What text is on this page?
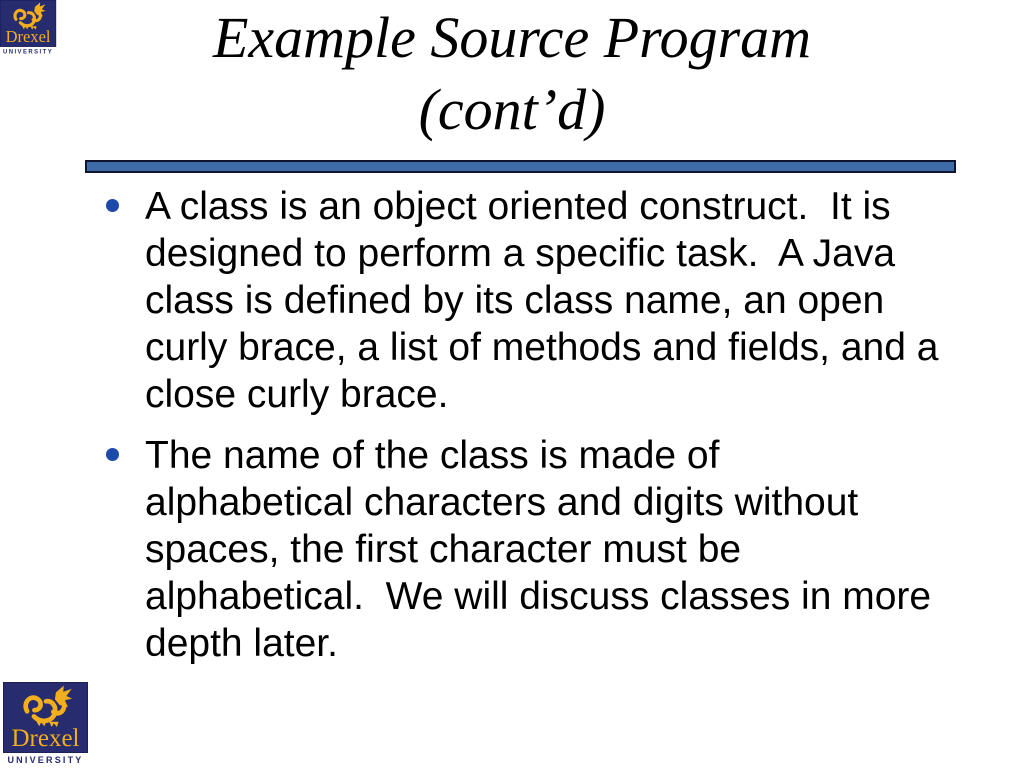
Drexel
UNIVERSITY	Example Source Program
(cont’d)
A class is an object oriented construct.  It is
designed to perform a specific task.  A Java
class is defined by its class name, an open
curly brace, a list of methods and fields, and a
close curly brace.
The name of the class is made of
alphabetical characters and digits without
spaces, the first character must be
alphabetical.  We will discuss classes in more
depth later.
Drexel
UNIVERSITY
